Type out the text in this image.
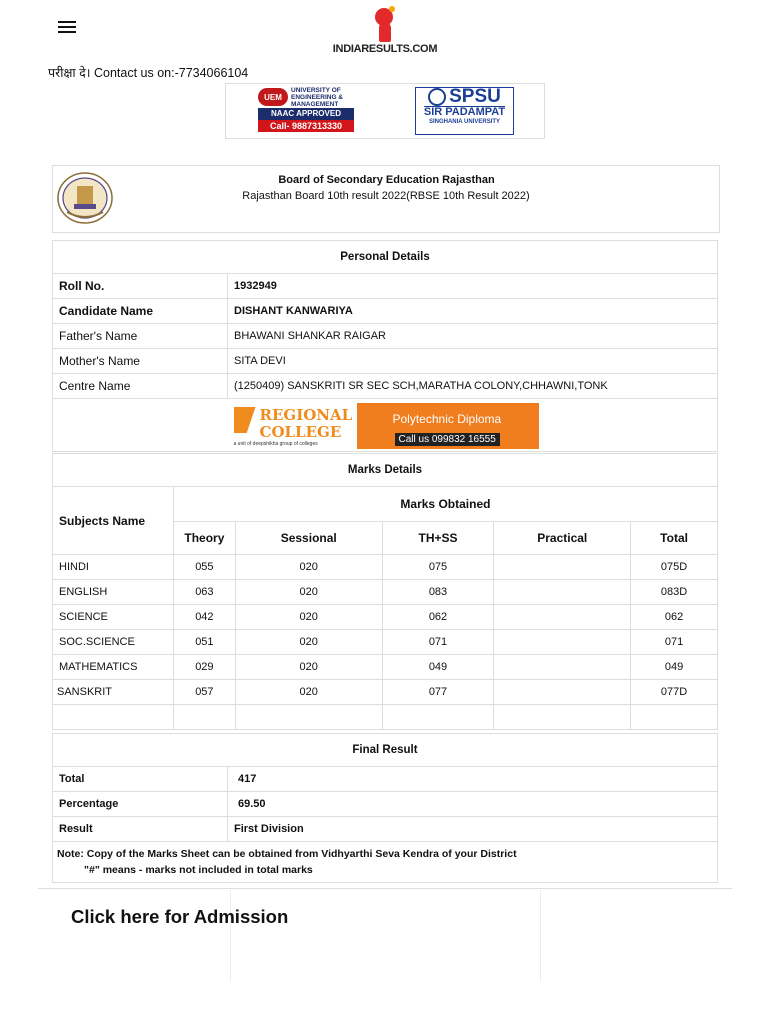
INDIARESULTS.COM
परीक्षा दे। Contact us on:-7734066104
UEM
UNIVERSITY OF
ENGINEERING &
MANAGEMENT
NAAC APPROVED
Call- 9887313330
SPSU
SIR PADAMPAT
SINGHANIA UNIVERSITY
Board of Secondary Education Rajasthan
Rajasthan Board 10th result 2022(RBSE 10th Result 2022)
Personal Details	
Roll No.	1932949
Candidate Name	DISHANT KANWARIYA
Father's Name	BHAWANI SHANKAR RAIGAR
Mother's Name	SITA DEVI
Centre Name	(1250409) SANSKRITI SR SEC SCH,MARATHA COLONY,CHHAWNI,TONK

REGIONAL
COLLEGE
a unit of deepshikha group of colleges
Polytechnic Diploma
Call us 099832 16555	
Marks Details					
Subjects Name	Marks Obtained				
	Theory	Sessional	TH+SS	Practical	Total
HINDI	055	020	075		075D
ENGLISH	063	020	083		083D
SCIENCE	042	020	062		062
SOC.SCIENCE	051	020	071		071
MATHEMATICS	029	020	049		049
SANSKRIT	057	020	077		077D

Final Result	
Total	417
Percentage	69.50
Result	First Division

Note: Copy of the Marks Sheet can be obtained from Vidhyarthi Seva Kendra of your District
"#" means - marks not included in total marks	
Click here for Admission
